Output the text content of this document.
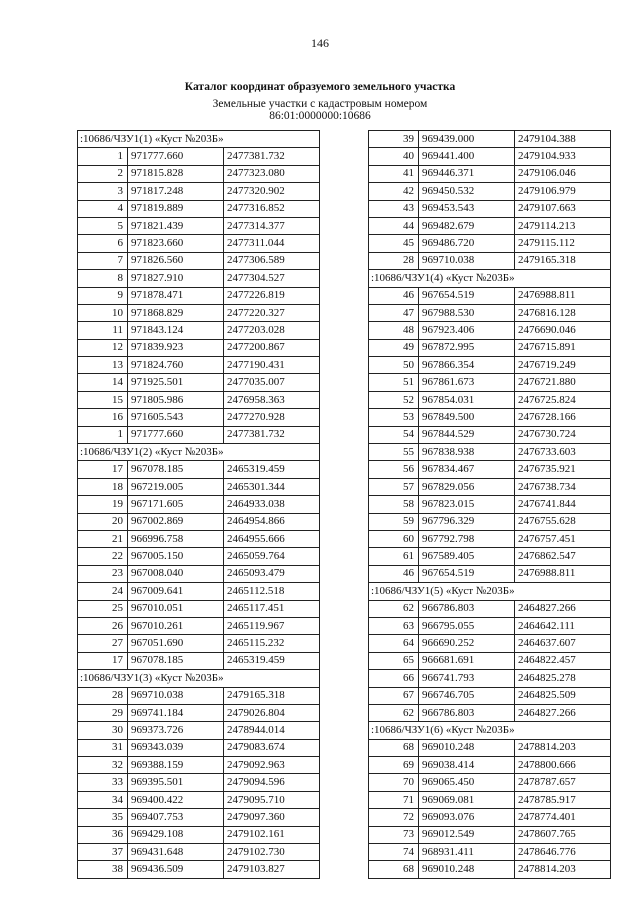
146
Каталог координат образуемого земельного участка
Земельные участки с кадастровым номером
86:01:0000000:10686
:10686/ЧЗУ1(1) «Куст №203Б»		
1	971777.660	2477381.732
2	971815.828	2477323.080
3	971817.248	2477320.902
4	971819.889	2477316.852
5	971821.439	2477314.377
6	971823.660	2477311.044
7	971826.560	2477306.589
8	971827.910	2477304.527
9	971878.471	2477226.819
10	971868.829	2477220.327
11	971843.124	2477203.028
12	971839.923	2477200.867
13	971824.760	2477190.431
14	971925.501	2477035.007
15	971805.986	2476958.363
16	971605.543	2477270.928
1	971777.660	2477381.732
:10686/ЧЗУ1(2) «Куст №203Б»		
17	967078.185	2465319.459
18	967219.005	2465301.344
19	967171.605	2464933.038
20	967002.869	2464954.866
21	966996.758	2464955.666
22	967005.150	2465059.764
23	967008.040	2465093.479
24	967009.641	2465112.518
25	967010.051	2465117.451
26	967010.261	2465119.967
27	967051.690	2465115.232
17	967078.185	2465319.459
:10686/ЧЗУ1(3) «Куст №203Б»		
28	969710.038	2479165.318
29	969741.184	2479026.804
30	969373.726	2478944.014
31	969343.039	2479083.674
32	969388.159	2479092.963
33	969395.501	2479094.596
34	969400.422	2479095.710
35	969407.753	2479097.360
36	969429.108	2479102.161
37	969431.648	2479102.730
38	969436.509	2479103.827
39	969439.000	2479104.388
40	969441.400	2479104.933
41	969446.371	2479106.046
42	969450.532	2479106.979
43	969453.543	2479107.663
44	969482.679	2479114.213
45	969486.720	2479115.112
28	969710.038	2479165.318
:10686/ЧЗУ1(4) «Куст №203Б»		
46	967654.519	2476988.811
47	967988.530	2476816.128
48	967923.406	2476690.046
49	967872.995	2476715.891
50	967866.354	2476719.249
51	967861.673	2476721.880
52	967854.031	2476725.824
53	967849.500	2476728.166
54	967844.529	2476730.724
55	967838.938	2476733.603
56	967834.467	2476735.921
57	967829.056	2476738.734
58	967823.015	2476741.844
59	967796.329	2476755.628
60	967792.798	2476757.451
61	967589.405	2476862.547
46	967654.519	2476988.811
:10686/ЧЗУ1(5) «Куст №203Б»		
62	966786.803	2464827.266
63	966795.055	2464642.111
64	966690.252	2464637.607
65	966681.691	2464822.457
66	966741.793	2464825.278
67	966746.705	2464825.509
62	966786.803	2464827.266
:10686/ЧЗУ1(6) «Куст №203Б»		
68	969010.248	2478814.203
69	969038.414	2478800.666
70	969065.450	2478787.657
71	969069.081	2478785.917
72	969093.076	2478774.401
73	969012.549	2478607.765
74	968931.411	2478646.776
68	969010.248	2478814.203
